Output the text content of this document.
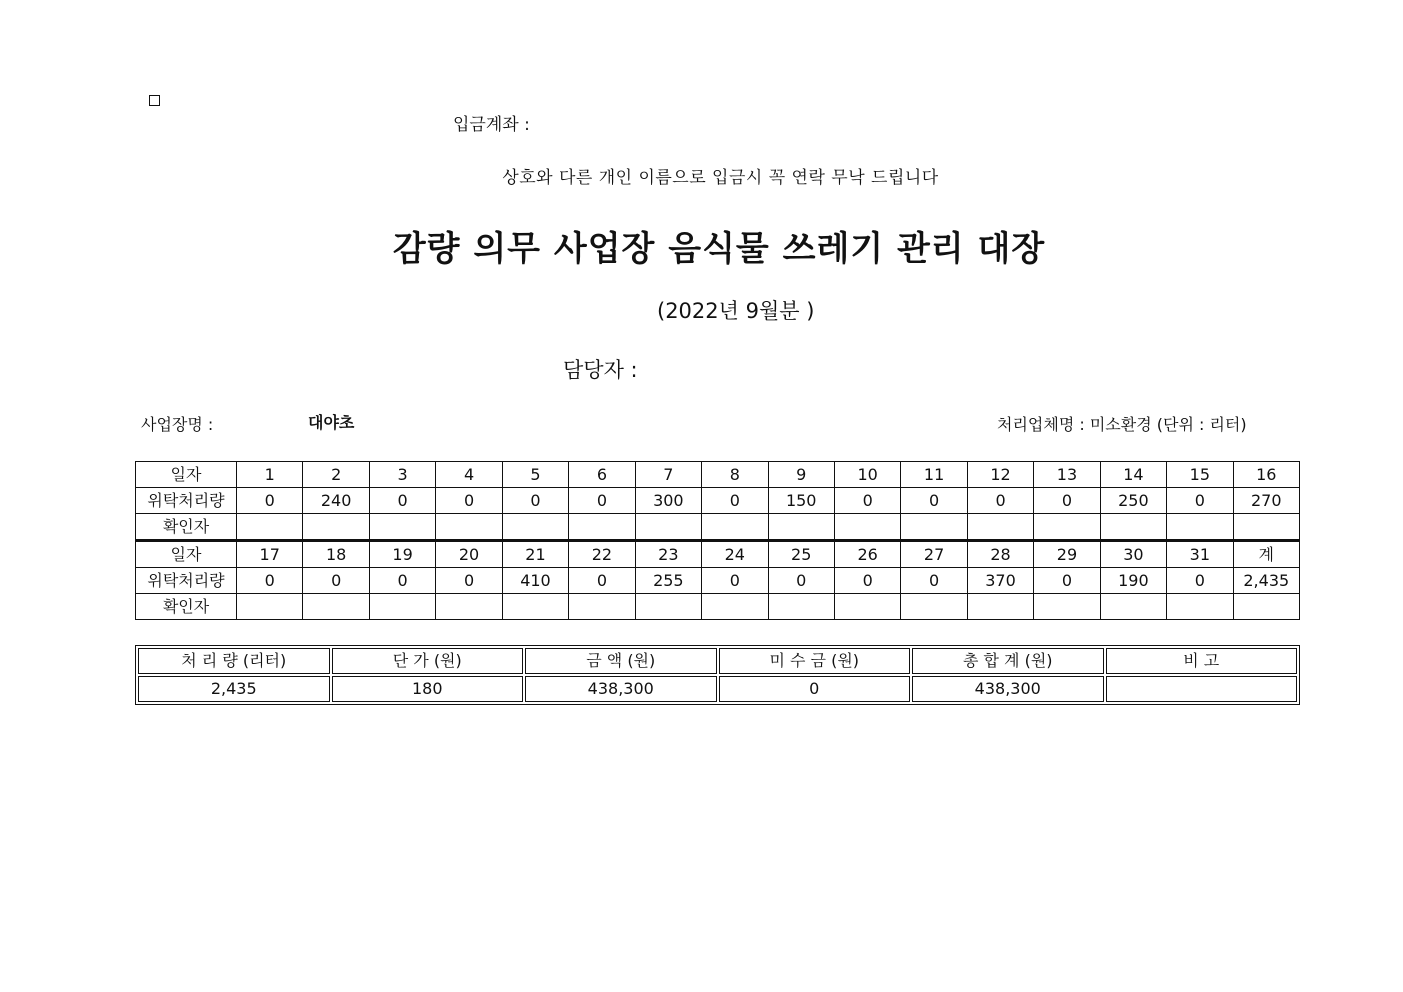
입금계좌 :
상호와 다른 개인 이름으로 입금시 꼭 연락 무낙 드립니다
감량 의무 사업장 음식물 쓰레기 관리 대장
(2022년 9월분 )
담당자 :
사업장명 :	대야초	처리업체명 : 미소환경 (단위 : 리터)
일자	1	2	3	4	5	6	7	8	9	10	11	12	13	14	15	16
위탁처리량	0	240	0	0	0	0	300	0	150	0	0	0	0	250	0	270
확인자																
일자	17	18	19	20	21	22	23	24	25	26	27	28	29	30	31	계
위탁처리량	0	0	0	0	410	0	255	0	0	0	0	370	0	190	0	2,435
확인자																
처 리 량 (리터)	단 가 (원)	금 액 (원)	미 수 금 (원)	총 합 계 (원)	비 고
2,435	180	438,300	0	438,300	
